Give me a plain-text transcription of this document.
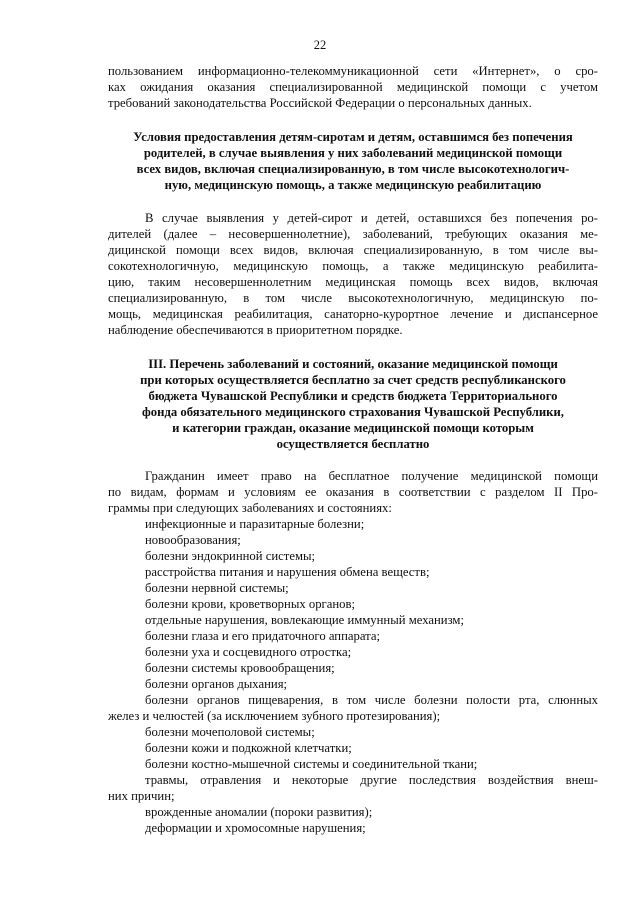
22
пользованием информационно-телекоммуникационной сети «Интернет», о сро-
ках ожидания оказания специализированной медицинской помощи с учетом
требований законодательства Российской Федерации о персональных данных.
Условия предоставления детям-сиротам и детям, оставшимся без попечения
родителей, в случае выявления у них заболеваний медицинской помощи
всех видов, включая специализированную, в том числе высокотехнологич-
ную, медицинскую помощь, а также медицинскую реабилитацию
В случае выявления у детей-сирот и детей, оставшихся без попечения ро-
дителей (далее – несовершеннолетние), заболеваний, требующих оказания ме-
дицинской помощи всех видов, включая специализированную, в том числе вы-
сокотехнологичную, медицинскую помощь, а также медицинскую реабилита-
цию, таким несовершеннолетним медицинская помощь всех видов, включая
специализированную, в том числе высокотехнологичную, медицинскую по-
мощь, медицинская реабилитация, санаторно-курортное лечение и диспансерное
наблюдение обеспечиваются в приоритетном порядке.
III. Перечень заболеваний и состояний, оказание медицинской помощи
при которых осуществляется бесплатно за счет средств республиканского
бюджета Чувашской Республики и средств бюджета Территориального
фонда обязательного медицинского страхования Чувашской Республики,
и категории граждан, оказание медицинской помощи которым
осуществляется бесплатно
Гражданин имеет право на бесплатное получение медицинской помощи
по видам, формам и условиям ее оказания в соответствии с разделом II Про-
граммы при следующих заболеваниях и состояниях:
инфекционные и паразитарные болезни;
новообразования;
болезни эндокринной системы;
расстройства питания и нарушения обмена веществ;
болезни нервной системы;
болезни крови, кроветворных органов;
отдельные нарушения, вовлекающие иммунный механизм;
болезни глаза и его придаточного аппарата;
болезни уха и сосцевидного отростка;
болезни системы кровообращения;
болезни органов дыхания;
болезни органов пищеварения, в том числе болезни полости рта, слюнных
желез и челюстей (за исключением зубного протезирования);
болезни мочеполовой системы;
болезни кожи и подкожной клетчатки;
болезни костно-мышечной системы и соединительной ткани;
травмы, отравления и некоторые другие последствия воздействия внеш-
них причин;
врожденные аномалии (пороки развития);
деформации и хромосомные нарушения;
